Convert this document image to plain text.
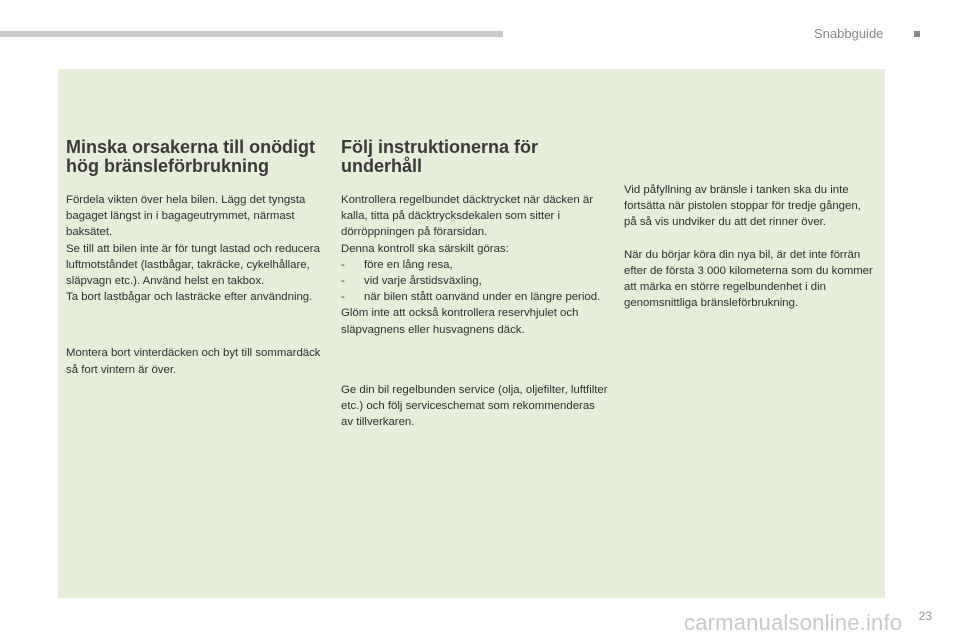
Snabbguide
Minska orsakerna till onödigt hög bränsleförbrukning

Fördela vikten över hela bilen. Lägg det tyngsta bagaget längst in i bagageutrymmet, närmast baksätet.

Se till att bilen inte är för tungt lastad och reducera luftmotståndet (lastbågar, takräcke, cykelhållare, släpvagn etc.). Använd helst en takbox.

Ta bort lastbågar och lasträcke efter användning.

Montera bort vinterdäcken och byt till sommardäck så fort vintern är över.

Följ instruktionerna för underhåll

Kontrollera regelbundet däcktrycket när däcken är kalla, titta på däcktrycksdekalen som sitter i dörröppningen på förarsidan.

Denna kontroll ska särskilt göras:

- före en lång resa,
- vid varje årstidsväxling,
- när bilen stått oanvänd under en längre period.

Glöm inte att också kontrollera reservhjulet och släpvagnens eller husvagnens däck.

Ge din bil regelbunden service (olja, oljefilter, luftfilter etc.) och följ serviceschemat som rekommenderas av tillverkaren.

Vid påfyllning av bränsle i tanken ska du inte fortsätta när pistolen stoppar för tredje gången, på så vis undviker du att det rinner över.

När du börjar köra din nya bil, är det inte förrän efter de första 3 000 kilometerna som du kommer att märka en större regelbundenhet i din genomsnittliga bränsleförbrukning.

carmanualsonline.info 23
